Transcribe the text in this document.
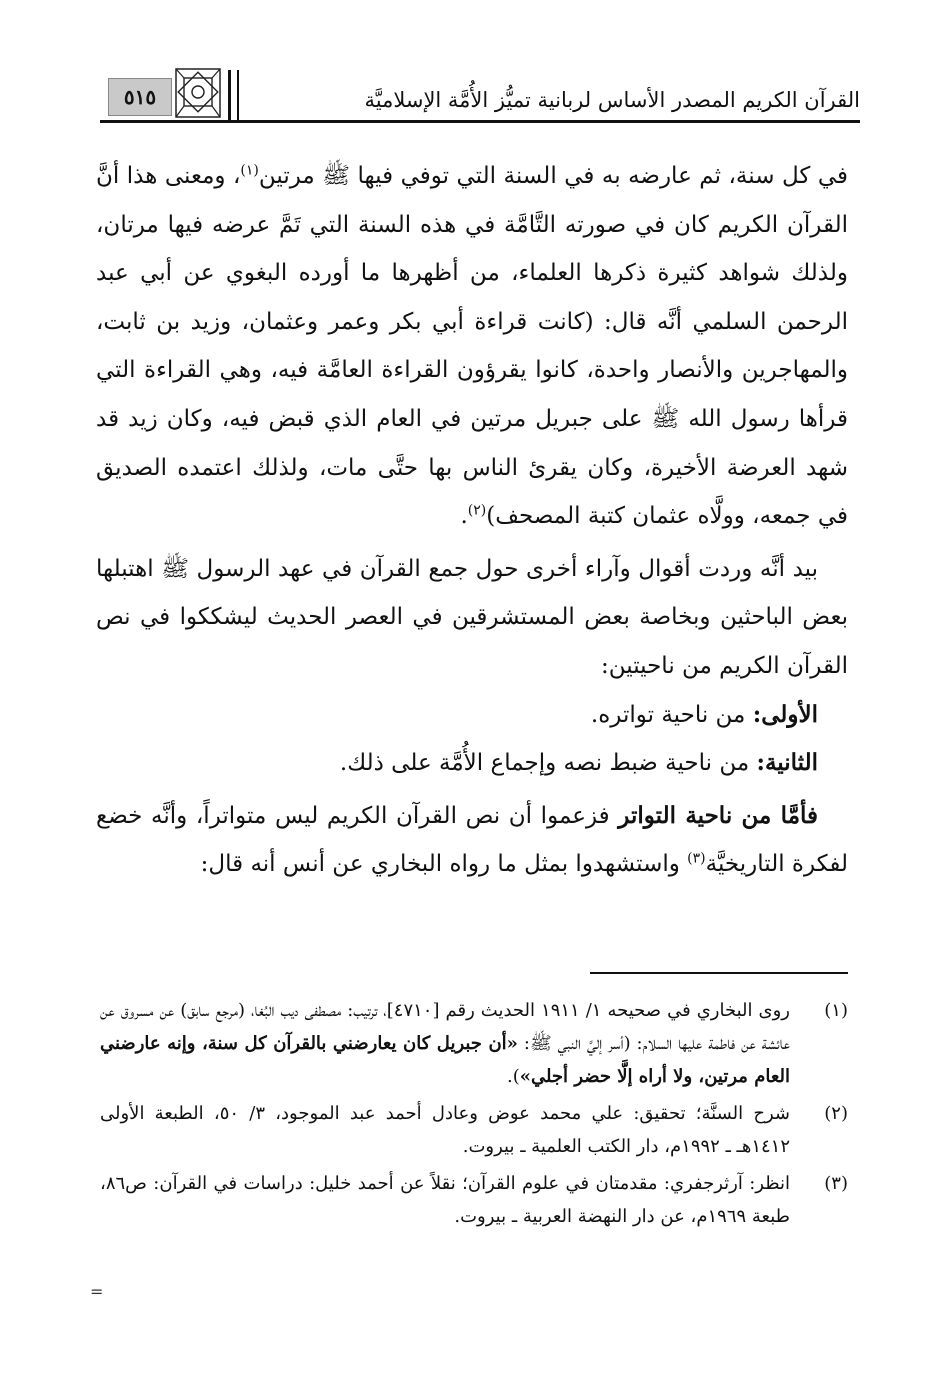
القرآن الكريم المصدر الأساس لربانية تميُّز الأُمَّة الإسلاميَّة
٥١٥

في كل سنة، ثم عارضه به في السنة التي توفي فيها ﷺ مرتين$^{(١)}$، ومعنى هذا أنَّ القرآن الكريم كان في صورته التَّامَّة في هذه السنة التي تَمَّ عرضه فيها مرتان، ولذلك شواهد كثيرة ذكرها العلماء، من أظهرها ما أورده البغوي عن أبي عبد الرحمن السلمي أنَّه قال: (كانت قراءة أبي بكر وعمر وعثمان، وزيد بن ثابت، والمهاجرين والأنصار واحدة، كانوا يقرؤون القراءة العامَّة فيه، وهي القراءة التي قرأها رسول الله ﷺ على جبريل مرتين في العام الذي قبض فيه، وكان زيد قد شهد العرضة الأخيرة، وكان يقرئ الناس بها حتَّى مات، ولذلك اعتمده الصديق في جمعه، وولَّاه عثمان كتبة المصحف)$^{(٢)}$.

بيد أنَّه وردت أقوال وآراء أخرى حول جمع القرآن في عهد الرسول ﷺ اهتبلها بعض الباحثين وبخاصة بعض المستشرقين في العصر الحديث ليشككوا في نص القرآن الكريم من ناحيتين:

الأولى: من ناحية تواتره.

الثانية: من ناحية ضبط نصه وإجماع الأُمَّة على ذلك.

فأمَّا من ناحية التواتر فزعموا أن نص القرآن الكريم ليس متواتراً، وأنَّه خضع لفكرة التاريخيَّة$^{(٣)}$ واستشهدوا بمثل ما رواه البخاري عن أنس أنه قال:

(١)
روى البخاري في صحيحه ١/ ١٩١١ الحديث رقم [٤٧١٠]، ترتيب: مصطفى ديب البُغا، (مرجع سابق) عن مسروق عن عائشة عن فاطمة عليها السلام: (أسر إليَّ النبي ﷺ: «أن جبريل كان يعارضني بالقرآن كل سنة، وإنه عارضني العام مرتين، ولا أراه إلَّا حضر أجلي»).

(٢)
شرح السنَّة؛ تحقيق: علي محمد عوض وعادل أحمد عبد الموجود، ٣/ ٥٠، الطبعة الأولى ١٤١٢هـ ـ ١٩٩٢م، دار الكتب العلمية ـ بيروت.

(٣)
انظر: آرثرجفري: مقدمتان في علوم القرآن؛ نقلاً عن أحمد خليل: دراسات في القرآن: ص٨٦، طبعة ١٩٦٩م، عن دار النهضة العربية ـ بيروت.

=
